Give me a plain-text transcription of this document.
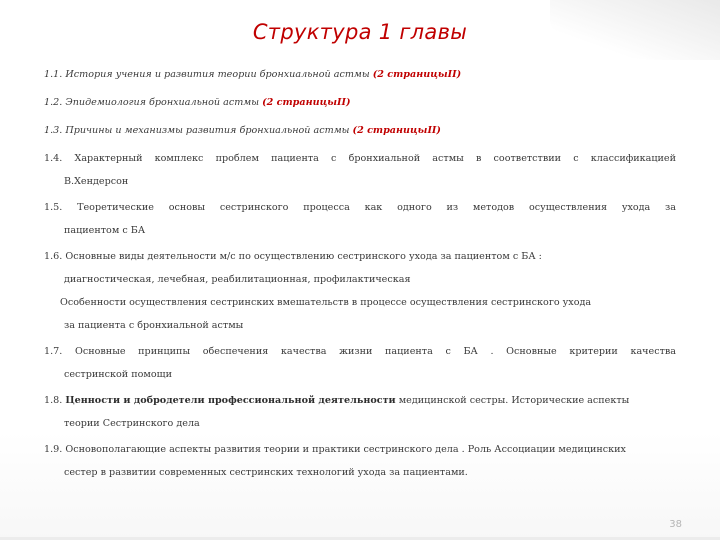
Структура 1 главы

1.1. История учения и развития теории бронхиальной астмы (2 страницыII)

1.2. Эпидемиология бронхиальной астмы (2 страницыII)

1.3. Причины и механизмы развития бронхиальной астмы (2 страницыII)

1.4. Характерный комплекс проблем пациента с бронхиальной астмы в соответствии с классификацией

В.Хендерсон

1.5. Теоретические основы сестринского процесса как одного из методов осуществления ухода за

пациентом с БА

1.6. Основные виды деятельности м/с по осуществлению сестринского ухода за пациентом с БА :

диагностическая, лечебная, реабилитационная, профилактическая

Особенности осуществления сестринских вмешательств в процессе осуществления сестринского ухода

за пациента с бронхиальной астмы

1.7. Основные принципы обеспечения качества жизни пациента с БА . Основные критерии качества

сестринской помощи

1.8. Ценности и добродетели профессиональной деятельности медицинской сестры. Исторические аспекты

теории Сестринского дела

1.9. Основополагающие аспекты развития теории и практики сестринского дела . Роль Ассоциации медицинских

сестер в развитии современных сестринских технологий ухода за пациентами.

38
